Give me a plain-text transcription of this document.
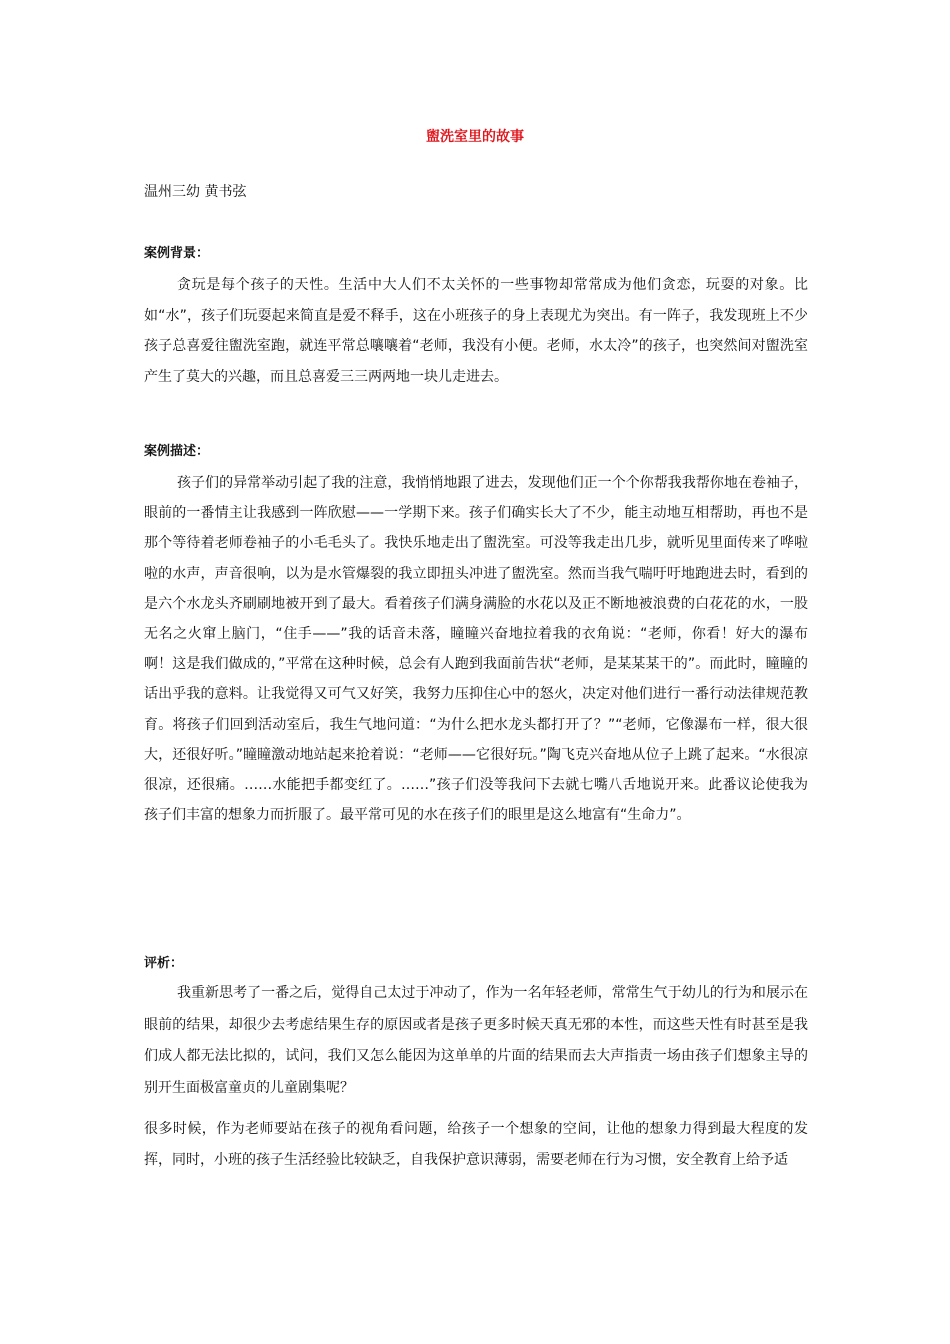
盥洗室里的故事
温州三幼 黄书弦
案例背景：

贪玩是每个孩子的天性。生活中大人们不太关怀的一些事物却常常成为他们贪恋，玩耍的对象。比如“水”，孩子们玩耍起来简直是爱不释手，这在小班孩子的身上表现尤为突出。有一阵子，我发现班上不少孩子总喜爱往盥洗室跑，就连平常总嚷嚷着“老师，我没有小便。老师，水太冷”的孩子，也突然间对盥洗室产生了莫大的兴趣，而且总喜爱三三两两地一块儿走进去。

案例描述：

孩子们的异常举动引起了我的注意，我悄悄地跟了进去，发现他们正一个个你帮我我帮你地在卷袖子，眼前的一番情主让我感到一阵欣慰——一学期下来。孩子们确实长大了不少，能主动地互相帮助，再也不是那个等待着老师卷袖子的小毛毛头了。我快乐地走出了盥洗室。可没等我走出几步，就听见里面传来了哗啦啦的水声，声音很响，以为是水管爆裂的我立即扭头冲进了盥洗室。然而当我气喘吁吁地跑进去时，看到的是六个水龙头齐刷刷地被开到了最大。看着孩子们满身满脸的水花以及正不断地被浪费的白花花的水，一股无名之火窜上脑门，“住手——”我的话音未落，瞳瞳兴奋地拉着我的衣角说：“老师，你看！好大的瀑布啊！这是我们做成的，”平常在这种时候，总会有人跑到我面前告状“老师，是某某某干的”。而此时，瞳瞳的话出乎我的意料。让我觉得又可气又好笑，我努力压抑住心中的怒火，决定对他们进行一番行动法律规范教育。将孩子们回到活动室后，我生气地问道：“为什么把水龙头都打开了？”“老师，它像瀑布一样，很大很大，还很好听。”瞳瞳激动地站起来抢着说：“老师——它很好玩。”陶飞克兴奋地从位子上跳了起来。“水很凉很凉，还很痛。……水能把手都变红了。……”孩子们没等我问下去就七嘴八舌地说开来。此番议论使我为孩子们丰富的想象力而折服了。最平常可见的水在孩子们的眼里是这么地富有“生命力”。

评析：

我重新思考了一番之后，觉得自己太过于冲动了，作为一名年轻老师，常常生气于幼儿的行为和展示在眼前的结果，却很少去考虑结果生存的原因或者是孩子更多时候天真无邪的本性，而这些天性有时甚至是我们成人都无法比拟的，试问，我们又怎么能因为这单单的片面的结果而去大声指责一场由孩子们想象主导的别开生面极富童贞的儿童剧集呢？

很多时候，作为老师要站在孩子的视角看问题，给孩子一个想象的空间，让他的想象力得到最大程度的发挥，同时，小班的孩子生活经验比较缺乏，自我保护意识薄弱，需要老师在行为习惯，安全教育上给予适
